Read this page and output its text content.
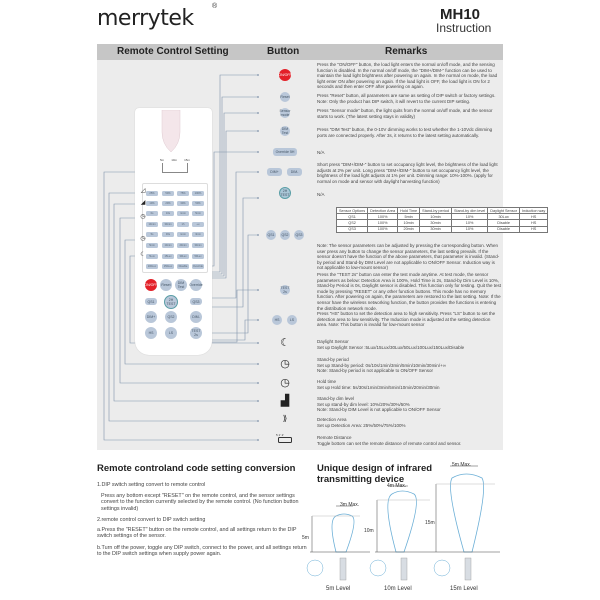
merrytek	®	MH10
Instruction
Remote Control Setting	Button	Remarks
5m 10m 15m
◿
◢
◷
◷
☾
25%	50%	75%	100%
10%	20%	30%	50%
0s	10s	1min	5min
10min	30min	1h	+∞
5s	30s	1min	3min
5min	10min	20min	30min
5Lux	15Lux	30Lux	50Lux
100Lux	150Lux	Disable	Override
ON/OFF	Reset	DIM Test	Override
QS1	2H TEST
QS3
DIM+	QS2	DIM-
HS	LS	TEST 2s
ON/OFF
Reset
Sensor mode
DIM Test
Override 5H
DIM+	DIM-
2H TEST
QS1	QS2	QS3
TEST 2s
HS	LS
☾
◷
◷
▟
⟫
5 1' 2'
Press the "ON/OFF" button, the load light enters the normal on/off mode, and the sensing function is disabled. In the normal on/off mode, the "DIM+/DIM-" function can be used to maintain the load light brightness after powering on again. In the normal on mode, the load light enter ON after powering on again. If the load light is OFF, the load light is ON for 2 seconds and then enter OFF after powering on again.
Press "Reset" button, all parameters are same as setting of DIP switch or factory settings. Note: Only the product has DIP switch, it will revert to the current DIP setting.
Press "Sensor mode" button, the light quits from the normal on/off mode, and the sensor starts to work. (The latest setting stays in validity)
Press "DIM Test" button, the 0-10V dimming works to test whether the 1-10Vdc dimming ports are connected properly. After 3s, it returns to the latest setting automatically.
N/A
Short press "DIM+/DIM-" button to set occupancy light level, the brightness of the load light adjusts at 2% per unit. Long press "DIM+/DIM-" button to set occupancy light level, the brightness of the load light adjusts at 1% per unit. Dimming range: 10%-100%. (apply for normal on mode and sensor with daylight harvesting function)
N/A
Sensor Options	Detection Area	Hold Time	Stand-by period	Stand-by dim level	Daylight Sensor	Induction way
QS1	100%	5min	10min	10%	30Lux	HS
QS2	100%	10min	30min	10%	Disable	HS
QS3	100%	20min	30min	10%	Disable	HS
Note: The sensor parameters can be adjusted by pressing the corresponding button. When user press any button to change the sensor parameters, the last setting prevails. If the sensor doesn't have the function of the above parameters, that parameter is invalid. (Stand-by period and Stand-by DIM Level are not applicable to ON/OFF Sensor. Induction way is not applicable to low-mount sensor)
Press the "TEST 2s" button can enter the test mode anytime. At test mode, the sensor parameters as below: Detection Area is 100%, Hold Time is 2s, Stand-by Dim Level is 10%, Stand-by Period is 0s, Daylight sensor is disabled. This function only for testing. Quit the test mode by pressing "RESET" or any other function buttons. This mode has no memory function. After powering on again, the parameters are restored to the last setting. Note: If the sensor have the wireless networking function, the button provides the functions is entering the distribution network mode.
Press "HS" button to set the detection area to high sensitivity. Press "LS" button to set the detection area to low sensitivity. The Induction mode is adjusted at the setting detection area. Note: This button is invalid for low-mount sensor
Daylight Sensor
Set up Daylight Sensor :5Lux/15Lux/30Lux/50Lux/100Lux/150Lux/Disable
Stand-by period
Set up Stand-by period: 0s/10s/1min/3min/5min/10min/30min/+∞
Note: Stand-by period is not applicable to ON/OFF Sensor
Hold time
Set up Hold time: 5s/30s/1min/3min/5min/10min/20min/30min
Stand-by dim level
Set up stand-by dim level: 10%/20%/30%/50%
Note: Stand-by DIM Level is not applicable to ON/OFF Sensor
Detection Area
Set up Detection Area: 25%/50%/75%/100%
Remote Distance
Toggle bottom can set the remote distance of remote control and sensor.
Remote controland code setting conversion
1.DIP switch setting convert to remote control
Press any bottom except "RESET" on the remote control, and the sensor settings convert to the function currently selected by the remote control. (No function button settings invalid)
2.remote control convert to DIP switch setting
a.Press the "RESET" button on the remote control, and all settings return to the DIP switch settings of the sensor.
b.Turn off the power, toggle any DIP switch, connect to the power, and all settings return to the DIP switch settings when supply power again.
Unique design of infrared transmitting device
3m Max.
4m Max.
5m Max.
5m
10m
15m
5m Level	10m Level	15m Level
